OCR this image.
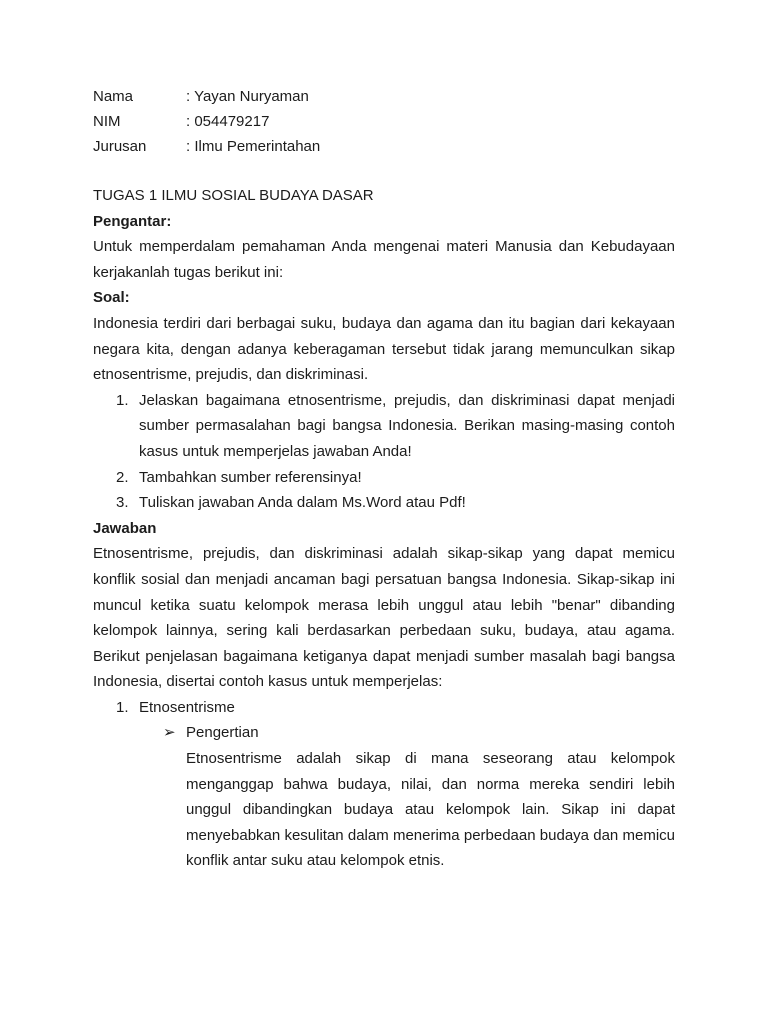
Nama	: Yayan Nuryaman
NIM	: 054479217
Jurusan	: Ilmu Pemerintahan
TUGAS 1 ILMU SOSIAL BUDAYA DASAR
Pengantar:

Untuk memperdalam pemahaman Anda mengenai materi Manusia dan Kebudayaan kerjakanlah tugas berikut ini:

Soal:

Indonesia terdiri dari berbagai suku, budaya dan agama dan itu bagian dari kekayaan negara kita, dengan adanya keberagaman tersebut tidak jarang memunculkan sikap etnosentrisme, prejudis, dan diskriminasi.

1. Jelaskan bagaimana etnosentrisme, prejudis, dan diskriminasi dapat menjadi sumber permasalahan bagi bangsa Indonesia. Berikan masing-masing contoh kasus untuk memperjelas jawaban Anda!
2. Tambahkan sumber referensinya!
3. Tuliskan jawaban Anda dalam Ms.Word atau Pdf!
Jawaban

Etnosentrisme, prejudis, dan diskriminasi adalah sikap-sikap yang dapat memicu konflik sosial dan menjadi ancaman bagi persatuan bangsa Indonesia. Sikap-sikap ini muncul ketika suatu kelompok merasa lebih unggul atau lebih "benar" dibanding kelompok lainnya, sering kali berdasarkan perbedaan suku, budaya, atau agama. Berikut penjelasan bagaimana ketiganya dapat menjadi sumber masalah bagi bangsa Indonesia, disertai contoh kasus untuk memperjelas:

1. Etnosentrisme
➢ Pengertian

Etnosentrisme adalah sikap di mana seseorang atau kelompok menganggap bahwa budaya, nilai, dan norma mereka sendiri lebih unggul dibandingkan budaya atau kelompok lain. Sikap ini dapat menyebabkan kesulitan dalam menerima perbedaan budaya dan memicu konflik antar suku atau kelompok etnis.
